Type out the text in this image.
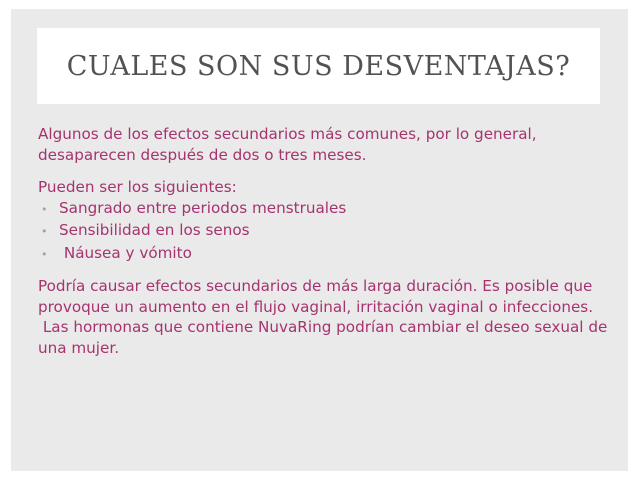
CUALES SON SUS DESVENTAJAS?

Algunos de los efectos secundarios más comunes, por lo general, desaparecen después de dos o tres meses.

Pueden ser los siguientes:

• Sangrado entre periodos menstruales
• Sensibilidad en los senos
• Náusea y vómito

Podría causar efectos secundarios de más larga duración. Es posible que provoque un aumento en el flujo vaginal, irritación vaginal o infecciones.

Las hormonas que contiene NuvaRing podrían cambiar el deseo sexual de una mujer.
